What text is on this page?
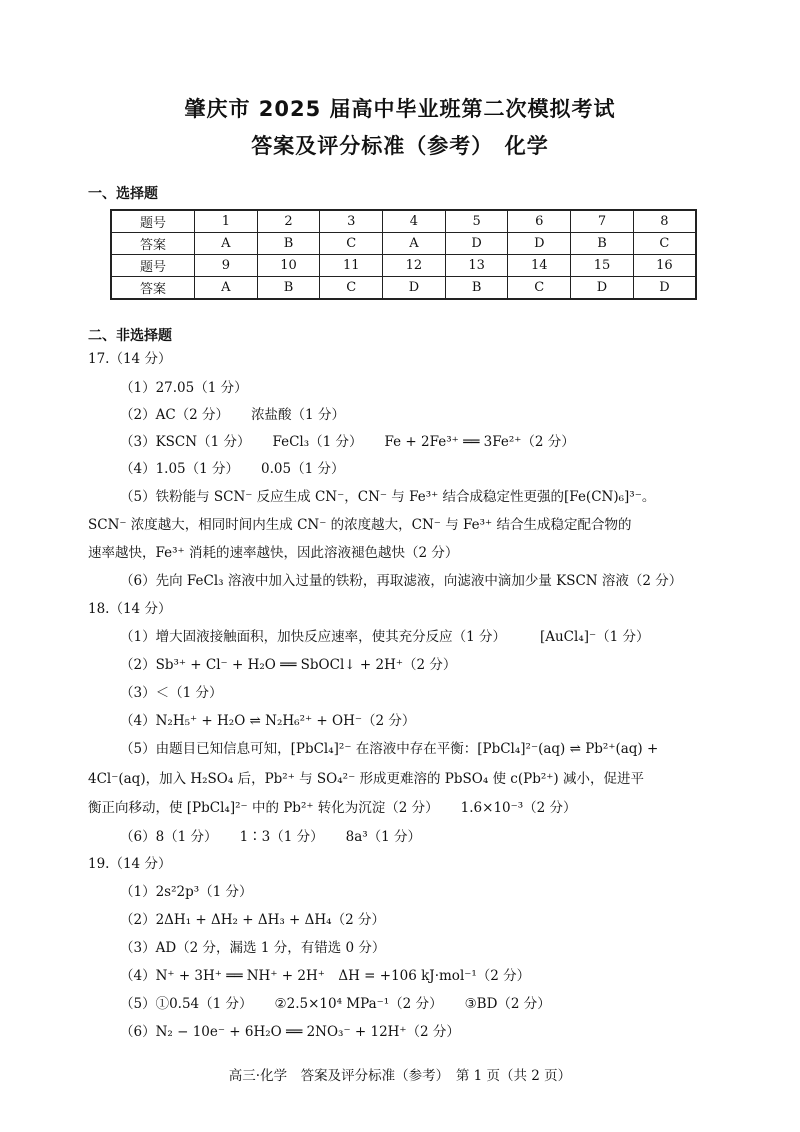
肇庆市 2025 届高中毕业班第二次模拟考试
答案及评分标准（参考）　化学
一、选择题
题号	1	2	3	4	5	6	7	8
答案	A	B	C	A	D	D	B	C
题号	9	10	11	12	13	14	15	16
答案	A	B	C	D	B	C	D	D
二、非选择题
17.（14 分）
（1）27.05（1 分）
（2）AC（2 分） 浓盐酸（1 分）
（3）KSCN（1 分） FeCl₃（1 分） Fe + 2Fe³⁺ ══ 3Fe²⁺（2 分）
（4）1.05（1 分） 0.05（1 分）
（5）铁粉能与 SCN⁻ 反应生成 CN⁻，CN⁻ 与 Fe³⁺ 结合成稳定性更强的[Fe(CN)₆]³⁻。
SCN⁻ 浓度越大，相同时间内生成 CN⁻ 的浓度越大，CN⁻ 与 Fe³⁺ 结合生成稳定配合物的
速率越快，Fe³⁺ 消耗的速率越快，因此溶液褪色越快（2 分）
（6）先向 FeCl₃ 溶液中加入过量的铁粉，再取滤液，向滤液中滴加少量 KSCN 溶液（2 分）
18.（14 分）
（1）增大固液接触面积，加快反应速率，使其充分反应（1 分）	[AuCl₄]⁻（1 分）
（2）Sb³⁺ + Cl⁻ + H₂O ══ SbOCl↓ + 2H⁺（2 分）
（3）＜（1 分）
（4）N₂H₅⁺ + H₂O ⇌ N₂H₆²⁺ + OH⁻（2 分）
（5）由题目已知信息可知，[PbCl₄]²⁻ 在溶液中存在平衡：[PbCl₄]²⁻(aq) ⇌ Pb²⁺(aq) +
4Cl⁻(aq)，加入 H₂SO₄ 后，Pb²⁺ 与 SO₄²⁻ 形成更难溶的 PbSO₄ 使 c(Pb²⁺) 减小，促进平
衡正向移动，使 [PbCl₄]²⁻ 中的 Pb²⁺ 转化为沉淀（2 分） 1.6×10⁻³（2 分）
（6）8（1 分） 1∶3（1 分） 8a³（1 分）
19.（14 分）
（1）2s²2p³（1 分）
（2）2ΔH₁ + ΔH₂ + ΔH₃ + ΔH₄（2 分）
（3）AD（2 分，漏选 1 分，有错选 0 分）
（4）N⁺ + 3H⁺ ══ NH⁺ + 2H⁺　ΔH = +106 kJ·mol⁻¹（2 分）
（5）①0.54（1 分） ②2.5×10⁴ MPa⁻¹（2 分） ③BD（2 分）
（6）N₂ − 10e⁻ + 6H₂O ══ 2NO₃⁻ + 12H⁺（2 分）
高三·化学　答案及评分标准（参考）　第 1 页（共 2 页）
